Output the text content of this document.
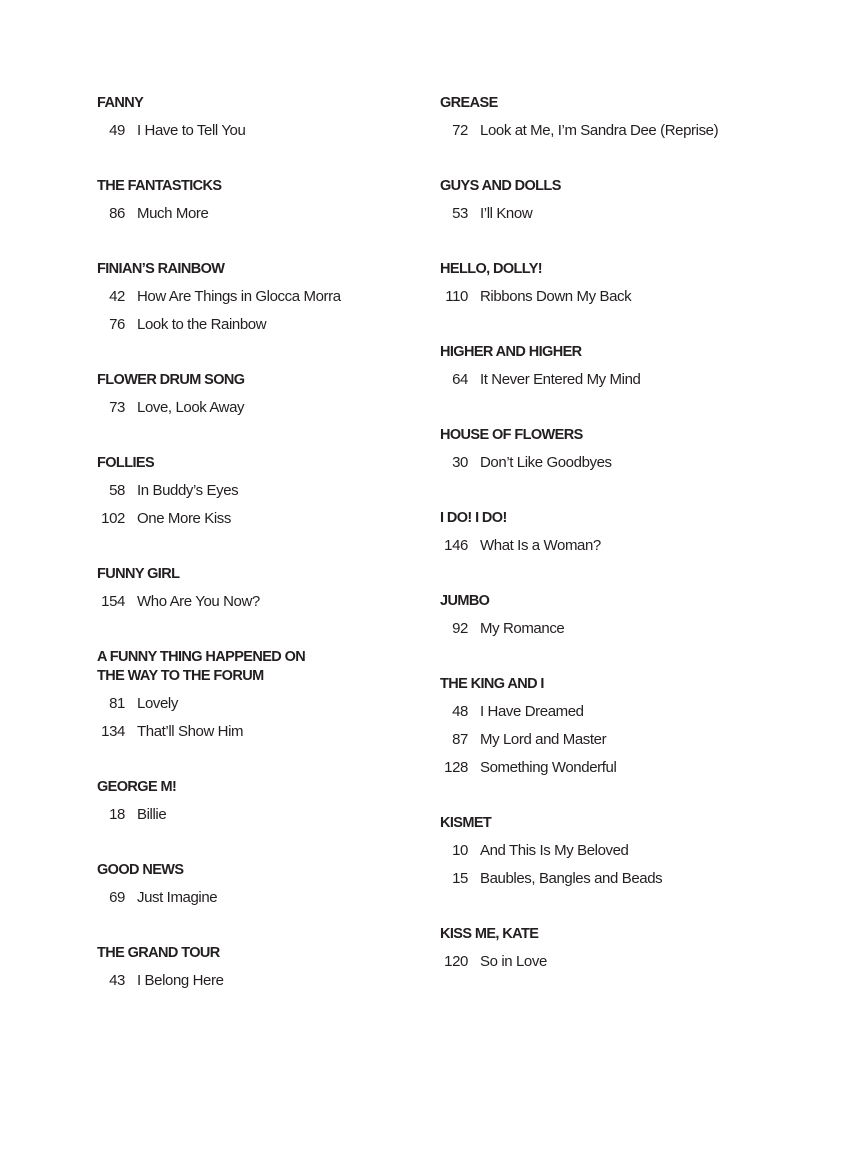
FANNY
49 I Have to Tell You
THE FANTASTICKS
86 Much More
FINIAN’S RAINBOW
42 How Are Things in Glocca Morra
76 Look to the Rainbow
FLOWER DRUM SONG
73 Love, Look Away
FOLLIES
58 In Buddy’s Eyes
102 One More Kiss
FUNNY GIRL
154 Who Are You Now?
A FUNNY THING HAPPENED ON
THE WAY TO THE FORUM
81 Lovely
134 That’ll Show Him
GEORGE M!
18 Billie
GOOD NEWS
69 Just Imagine
THE GRAND TOUR
43 I Belong Here
GREASE
72 Look at Me, I’m Sandra Dee (Reprise)
GUYS AND DOLLS
53 I’ll Know
HELLO, DOLLY!
110 Ribbons Down My Back
HIGHER AND HIGHER
64 It Never Entered My Mind
HOUSE OF FLOWERS
30 Don’t Like Goodbyes
I DO! I DO!
146 What Is a Woman?
JUMBO
92 My Romance
THE KING AND I
48 I Have Dreamed
87 My Lord and Master
128 Something Wonderful
KISMET
10 And This Is My Beloved
15 Baubles, Bangles and Beads
KISS ME, KATE
120 So in Love
